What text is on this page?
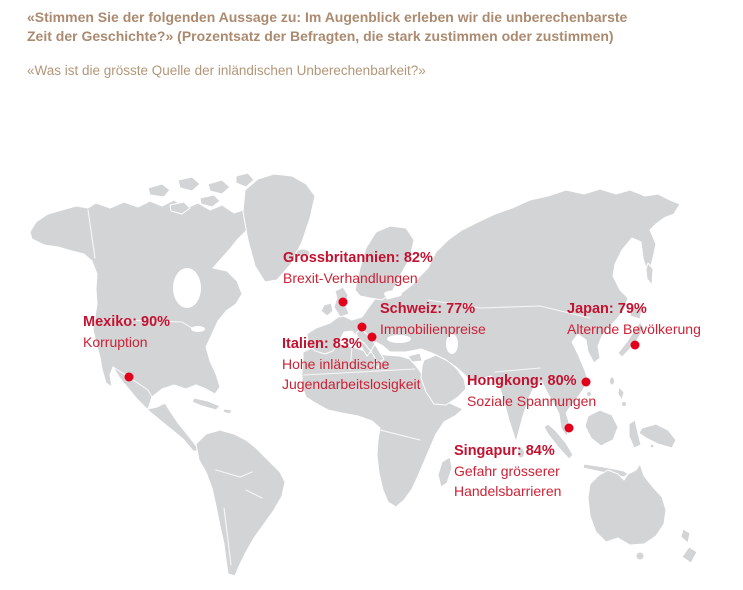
«Stimmen Sie der folgenden Aussage zu: Im Augenblick erleben wir die unberechenbarste
Zeit der Geschichte?» (Prozentsatz der Befragten, die stark zustimmen oder zustimmen)
«Was ist die grösste Quelle der inländischen Unberechenbarkeit?»
Mexiko: 90%
Korruption
Grossbritannien: 82%
Brexit-Verhandlungen
Schweiz: 77%
Immobilienpreise
Italien: 83%
Hohe inländische Jugendarbeitslosigkeit
Japan: 79%
Alternde Bevölkerung
Hongkong: 80%
Soziale Spannungen
Singapur: 84%
Gefahr grösserer Handelsbarrieren
